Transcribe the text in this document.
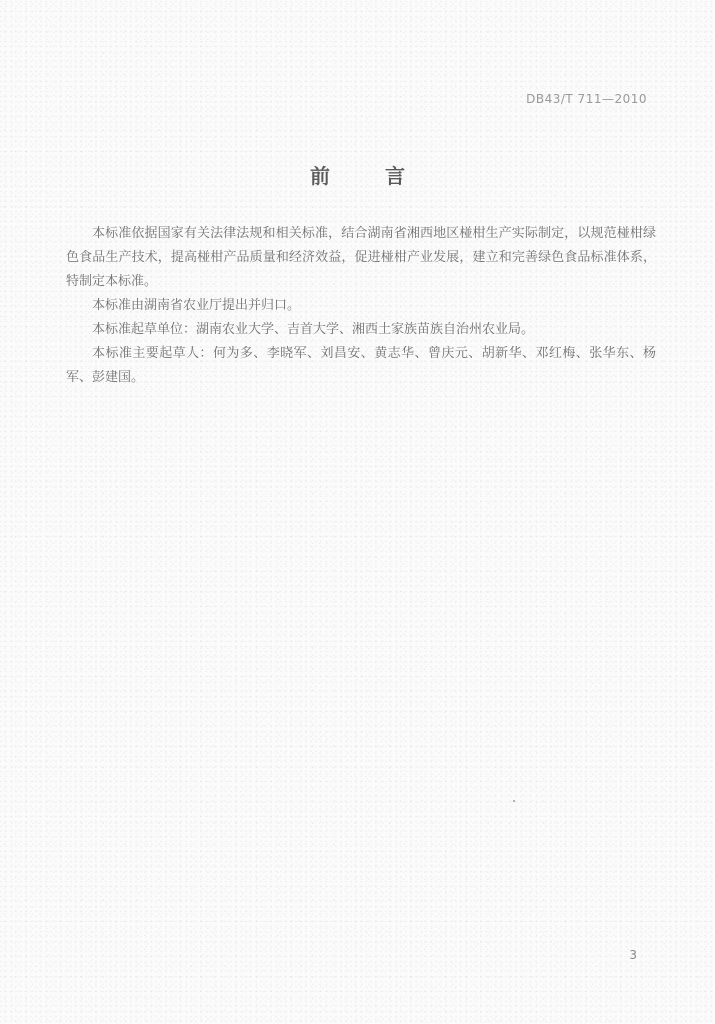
DB43/T 711—2010
前 言

本标准依据国家有关法律法规和相关标准，结合湖南省湘西地区椪柑生产实际制定，以规范椪柑绿色食品生产技术，提高椪柑产品质量和经济效益，促进椪柑产业发展，建立和完善绿色食品标准体系，特制定本标准。

本标准由湖南省农业厅提出并归口。

本标准起草单位：湖南农业大学、吉首大学、湘西土家族苗族自治州农业局。

本标准主要起草人：何为多、李晓军、刘昌安、黄志华、曾庆元、胡新华、邓红梅、张华东、杨军、彭建国。

3
